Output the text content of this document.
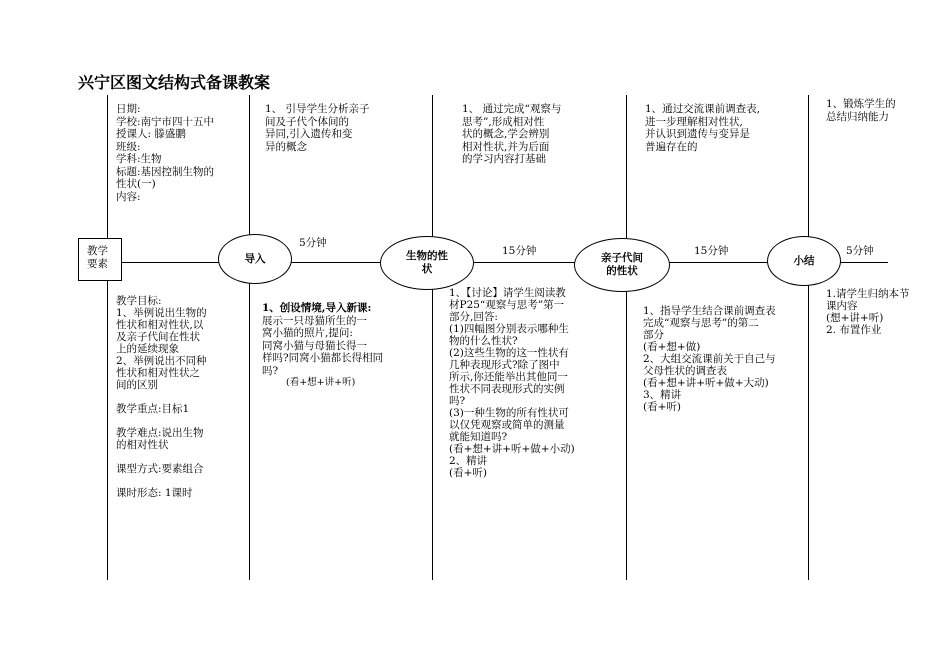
兴宁区图文结构式备课教案
日期:
学校:南宁市四十五中
授课人: 滕盛鹏
班级:
学科:生物
标题:基因控制生物的
性状(一)
内容:
教学
要素	导入	生物的性
状
亲子代间
的性状
小结
5分钟
15分钟	15分钟	5分钟
1、 引导学生分析亲子
间及子代个体间的
异同,引入遗传和变
异的概念
1、 通过完成“观察与
思考”,形成相对性
状的概念,学会辨别
相对性状,并为后面
的学习内容打基础
1、通过交流课前调查表,
进一步理解相对性状,
并认识到遗传与变异是
普遍存在的
1、锻炼学生的
总结归纳能力
教学目标:
1、举例说出生物的
性状和相对性状,以
及亲子代间在性状
上的延续现象
2、举例说出不同种
性状和相对性状之
间的区别

教学重点:目标1

教学难点:说出生物
的相对性状

课型方式:要素组合

课时形态: 1课时
1、创设情境,导入新课:
展示一只母猫所生的一
窝小猫的照片,提问:
同窝小猫与母猫长得一
样吗?同窝小猫都长得相同
吗?
(看+想+讲+听)
1、【讨论】请学生阅读教
材P25“观察与思考”第一
部分,回答:
(1)四幅图分别表示哪种生
物的什么性状?
(2)这些生物的这一性状有
几种表现形式?除了图中
所示,你还能举出其他同一
性状不同表现形式的实例
吗?
(3)一种生物的所有性状可
以仅凭观察或简单的测量
就能知道吗?
(看+想+讲+听+做+小动)
2、精讲
(看+听)
1、指导学生结合课前调查表
完成“观察与思考”的第二
部分
(看+想+做)
2、大组交流课前关于自己与
父母性状的调查表
(看+想+讲+听+做+大动)
3、精讲
(看+听)
1.请学生归纳本节
课内容
(想+讲+听)
2. 布置作业
